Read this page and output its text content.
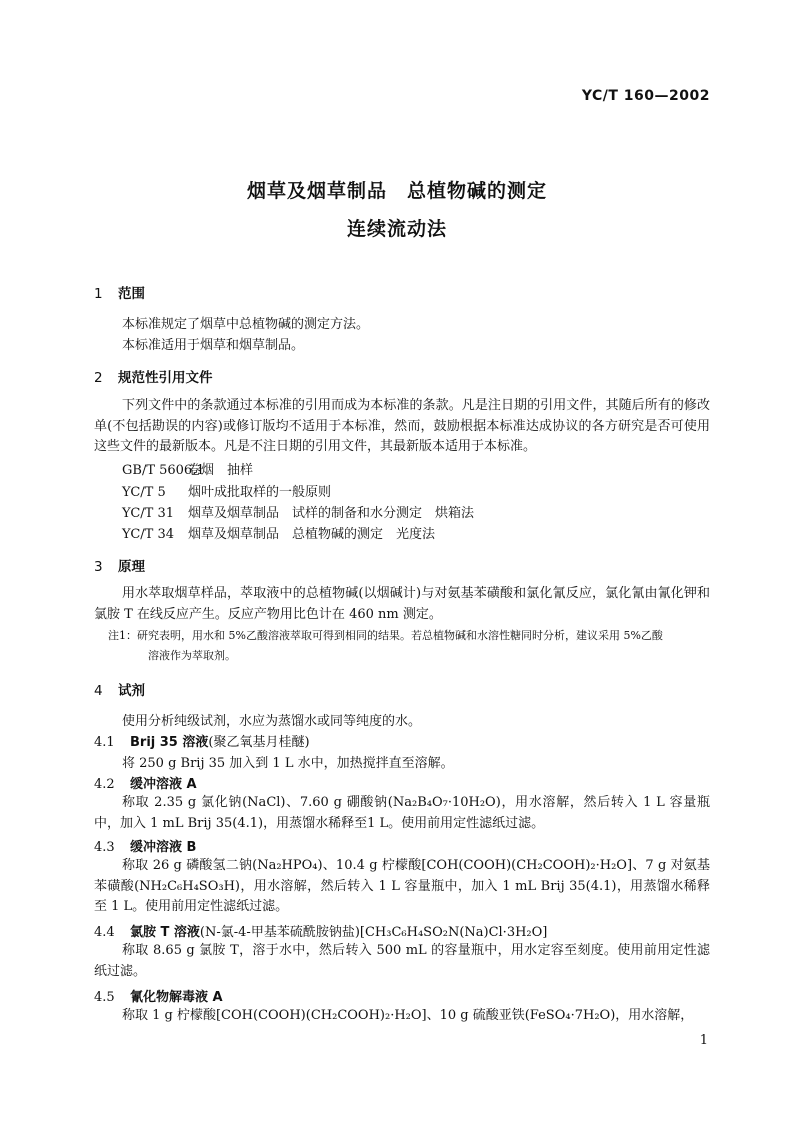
YC/T 160—2002
烟草及烟草制品　总植物碱的测定
连续流动法
1 范围
本标准规定了烟草中总植物碱的测定方法。
本标准适用于烟草和烟草制品。
2 规范性引用文件
下列文件中的条款通过本标准的引用而成为本标准的条款。凡是注日期的引用文件，其随后所有的修改单(不包括勘误的内容)或修订版均不适用于本标准，然而，鼓励根据本标准达成协议的各方研究是否可使用这些文件的最新版本。凡是不注日期的引用文件，其最新版本适用于本标准。
GB/T 5606.1卷烟　抽样
YC/T 5 烟叶成批取样的一般原则
YC/T 31 烟草及烟草制品　试样的制备和水分测定　烘箱法
YC/T 34 烟草及烟草制品　总植物碱的测定　光度法
3 原理
用水萃取烟草样品，萃取液中的总植物碱(以烟碱计)与对氨基苯磺酸和氯化氰反应，氯化氰由氰化钾和氯胺 T 在线反应产生。反应产物用比色计在 460 nm 测定。
注1：研究表明，用水和 5%乙酸溶液萃取可得到相同的结果。若总植物碱和水溶性糖同时分析，建议采用 5%乙酸
溶液作为萃取剂。
4 试剂
使用分析纯级试剂，水应为蒸馏水或同等纯度的水。
4.1 Brij 35 溶液(聚乙氧基月桂醚)
将 250 g Brij 35 加入到 1 L 水中，加热搅拌直至溶解。
4.2 缓冲溶液 A
称取 2.35 g 氯化钠(NaCl)、7.60 g 硼酸钠(Na₂B₄O₇·10H₂O)，用水溶解，然后转入 1 L 容量瓶中，加入 1 mL Brij 35(4.1)，用蒸馏水稀释至1 L。使用前用定性滤纸过滤。
4.3 缓冲溶液 B
称取 26 g 磷酸氢二钠(Na₂HPO₄)、10.4 g 柠檬酸[COH(COOH)(CH₂COOH)₂·H₂O]、7 g 对氨基苯磺酸(NH₂C₆H₄SO₃H)，用水溶解，然后转入 1 L 容量瓶中，加入 1 mL Brij 35(4.1)，用蒸馏水稀释至 1 L。使用前用定性滤纸过滤。
4.4 氯胺 T 溶液(N-氯-4-甲基苯硫酰胺钠盐)[CH₃C₆H₄SO₂N(Na)Cl·3H₂O]
称取 8.65 g 氯胺 T，溶于水中，然后转入 500 mL 的容量瓶中，用水定容至刻度。使用前用定性滤纸过滤。
4.5 氰化物解毒液 A
称取 1 g 柠檬酸[COH(COOH)(CH₂COOH)₂·H₂O]、10 g 硫酸亚铁(FeSO₄·7H₂O)，用水溶解，
1
